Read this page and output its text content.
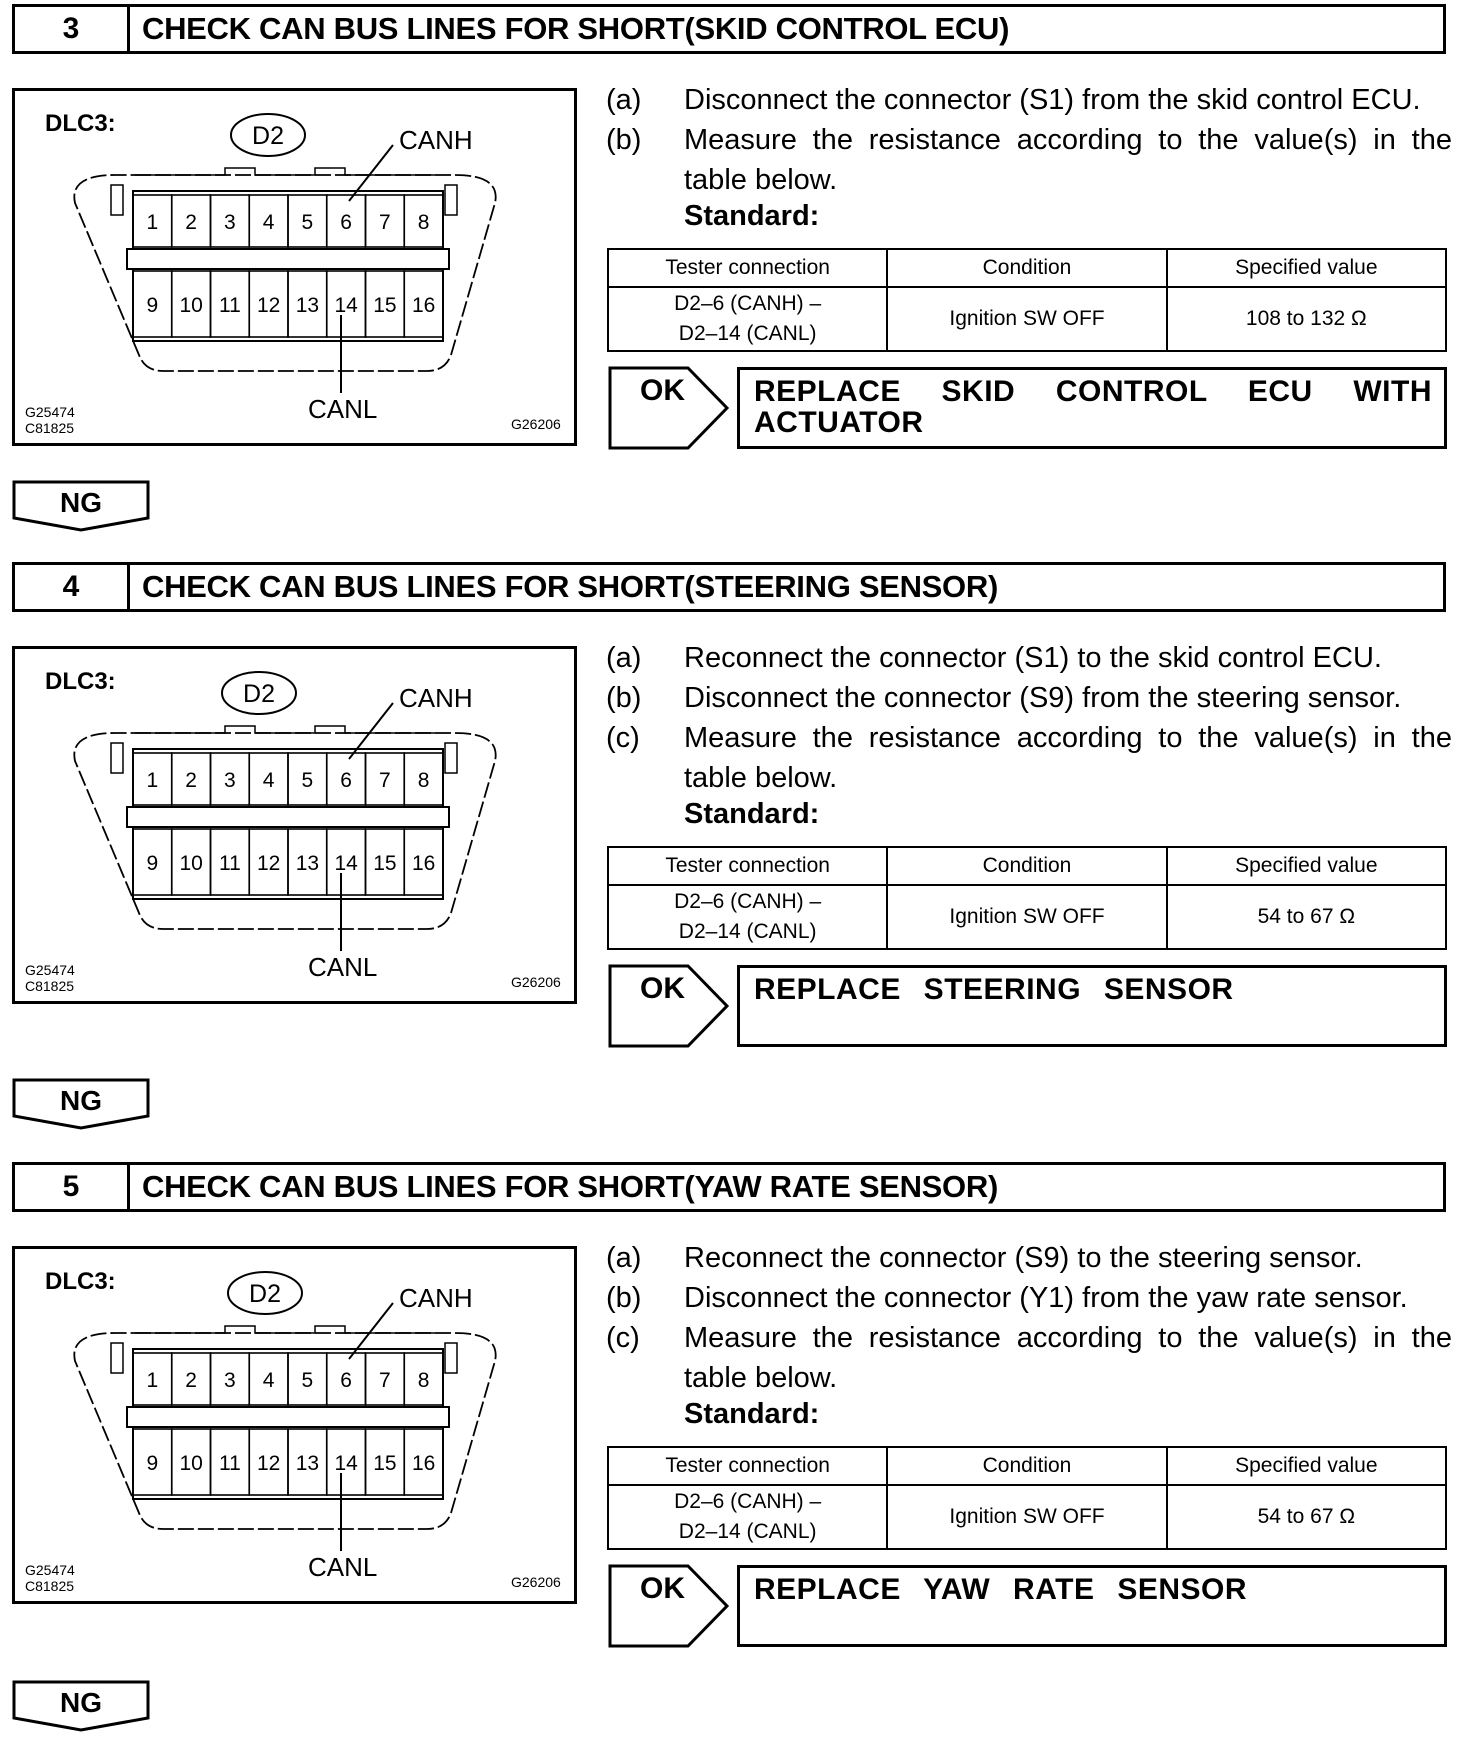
3	CHECK CAN BUS LINES FOR SHORT(SKID CONTROL ECU)
DLC3:	D2	CANH
CANL
G25474
C81825	G26206
1 2 3 4 5 6 7 8
9 10 11 12 13 14 15 16
(a)	Disconnect the connector (S1) from the skid control ECU.
(b)	Measure the resistance according to the value(s) in the table below.
Standard:
Tester connection	Condition	Specified value

D2–6 (CANH) –
D2–14 (CANL)	Ignition SW OFF	108 to 132 Ω
OK	REPLACE SKID CONTROL ECU WITH ACTUATOR
NG
4	CHECK CAN BUS LINES FOR SHORT(STEERING SENSOR)
DLC3:	D2	CANH
CANL
G25474
C81825	G26206
1 2 3 4 5 6 7 8
9 10 11 12 13 14 15 16
(a)	Reconnect the connector (S1) to the skid control ECU.
(b)	Disconnect the connector (S9) from the steering sensor.
(c)	Measure the resistance according to the value(s) in the table below.
Standard:
Tester connection	Condition	Specified value

D2–6 (CANH) –
D2–14 (CANL)	Ignition SW OFF	54 to 67 Ω
OK	REPLACE STEERING SENSOR
NG
5	CHECK CAN BUS LINES FOR SHORT(YAW RATE SENSOR)
DLC3:	D2	CANH
CANL
G25474
C81825	G26206
1 2 3 4 5 6 7 8
9 10 11 12 13 14 15 16
(a)	Reconnect the connector (S9) to the steering sensor.
(b)	Disconnect the connector (Y1) from the yaw rate sensor.
(c)	Measure the resistance according to the value(s) in the table below.
Standard:
Tester connection	Condition	Specified value

D2–6 (CANH) –
D2–14 (CANL)	Ignition SW OFF	54 to 67 Ω
OK	REPLACE YAW RATE SENSOR
NG
